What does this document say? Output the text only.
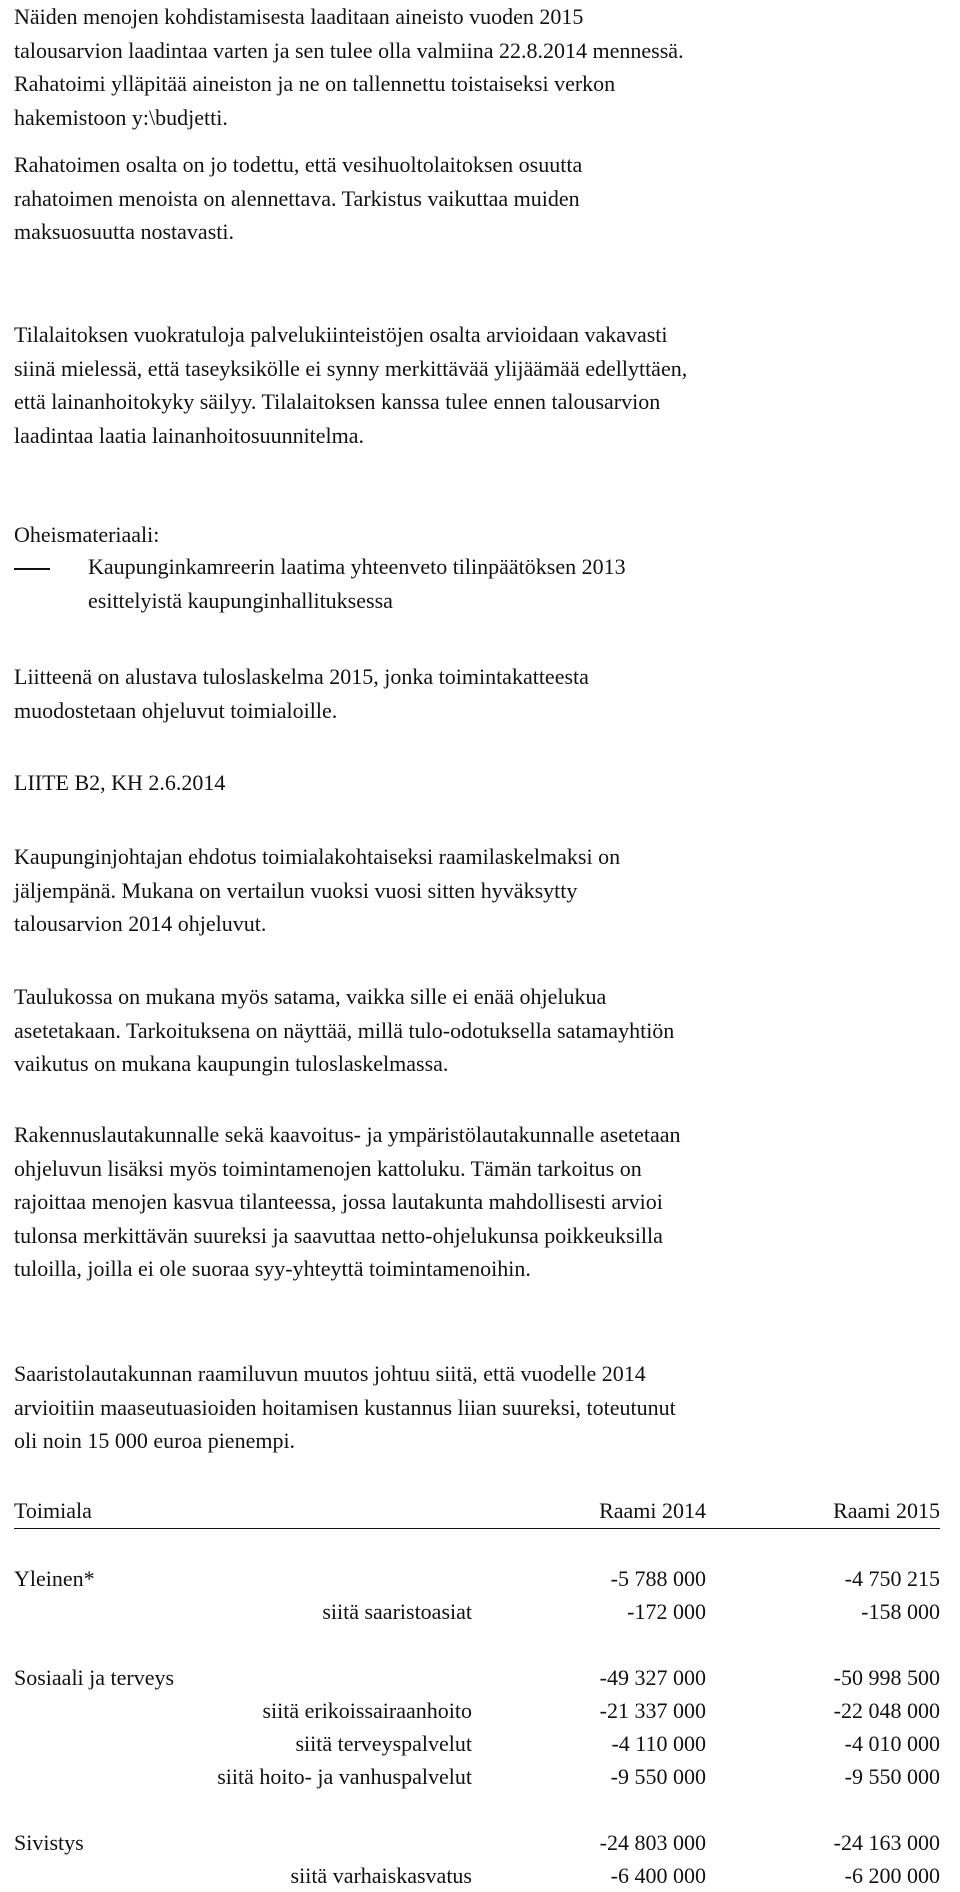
Näiden menojen kohdistamisesta laaditaan aineisto vuoden 2015
talousarvion laadintaa varten ja sen tulee olla valmiina 22.8.2014 mennessä.
Rahatoimi ylläpitää aineiston ja ne on tallennettu toistaiseksi verkon
hakemistoon y:\budjetti.
Rahatoimen osalta on jo todettu, että vesihuoltolaitoksen osuutta
rahatoimen menoista on alennettava. Tarkistus vaikuttaa muiden
maksuosuutta nostavasti.
Tilalaitoksen vuokratuloja palvelukiinteistöjen osalta arvioidaan vakavasti
siinä mielessä, että taseyksikölle ei synny merkittävää ylijäämää edellyttäen,
että lainanhoitokyky säilyy. Tilalaitoksen kanssa tulee ennen talousarvion
laadintaa laatia lainanhoitosuunnitelma.
Oheismateriaali:
Kaupunginkamreerin laatima yhteenveto tilinpäätöksen 2013
esittelyistä kaupunginhallituksessa
Liitteenä on alustava tuloslaskelma 2015, jonka toimintakatteesta
muodostetaan ohjeluvut toimialoille.
LIITE B2, KH 2.6.2014
Kaupunginjohtajan ehdotus toimialakohtaiseksi raamilaskelmaksi on
jäljempänä. Mukana on vertailun vuoksi vuosi sitten hyväksytty
talousarvion 2014 ohjeluvut.
Taulukossa on mukana myös satama, vaikka sille ei enää ohjelukua
asetetakaan. Tarkoituksena on näyttää, millä tulo-odotuksella satamayhtiön
vaikutus on mukana kaupungin tuloslaskelmassa.
Rakennuslautakunnalle sekä kaavoitus- ja ympäristölautakunnalle asetetaan
ohjeluvun lisäksi myös toimintamenojen kattoluku. Tämän tarkoitus on
rajoittaa menojen kasvua tilanteessa, jossa lautakunta mahdollisesti arvioi
tulonsa merkittävän suureksi ja saavuttaa netto-ohjelukunsa poikkeuksilla
tuloilla, joilla ei ole suoraa syy-yhteyttä toimintamenoihin.
Saaristolautakunnan raamiluvun muutos johtuu siitä, että vuodelle 2014
arvioitiin maaseutuasioiden hoitamisen kustannus liian suureksi, toteutunut
oli noin 15 000 euroa pienempi.
Toimiala	Raami 2014	Raami 2015

Yleinen*	-5 788 000	-4 750 215
siitä saaristoasiat	-172 000	-158 000

Sosiaali ja terveys	-49 327 000	-50 998 500
siitä erikoissairaanhoito	-21 337 000	-22 048 000
siitä terveyspalvelut	-4 110 000	-4 010 000
siitä hoito- ja vanhuspalvelut	-9 550 000	-9 550 000

Sivistys	-24 803 000	-24 163 000
siitä varhaiskasvatus	-6 400 000	-6 200 000
